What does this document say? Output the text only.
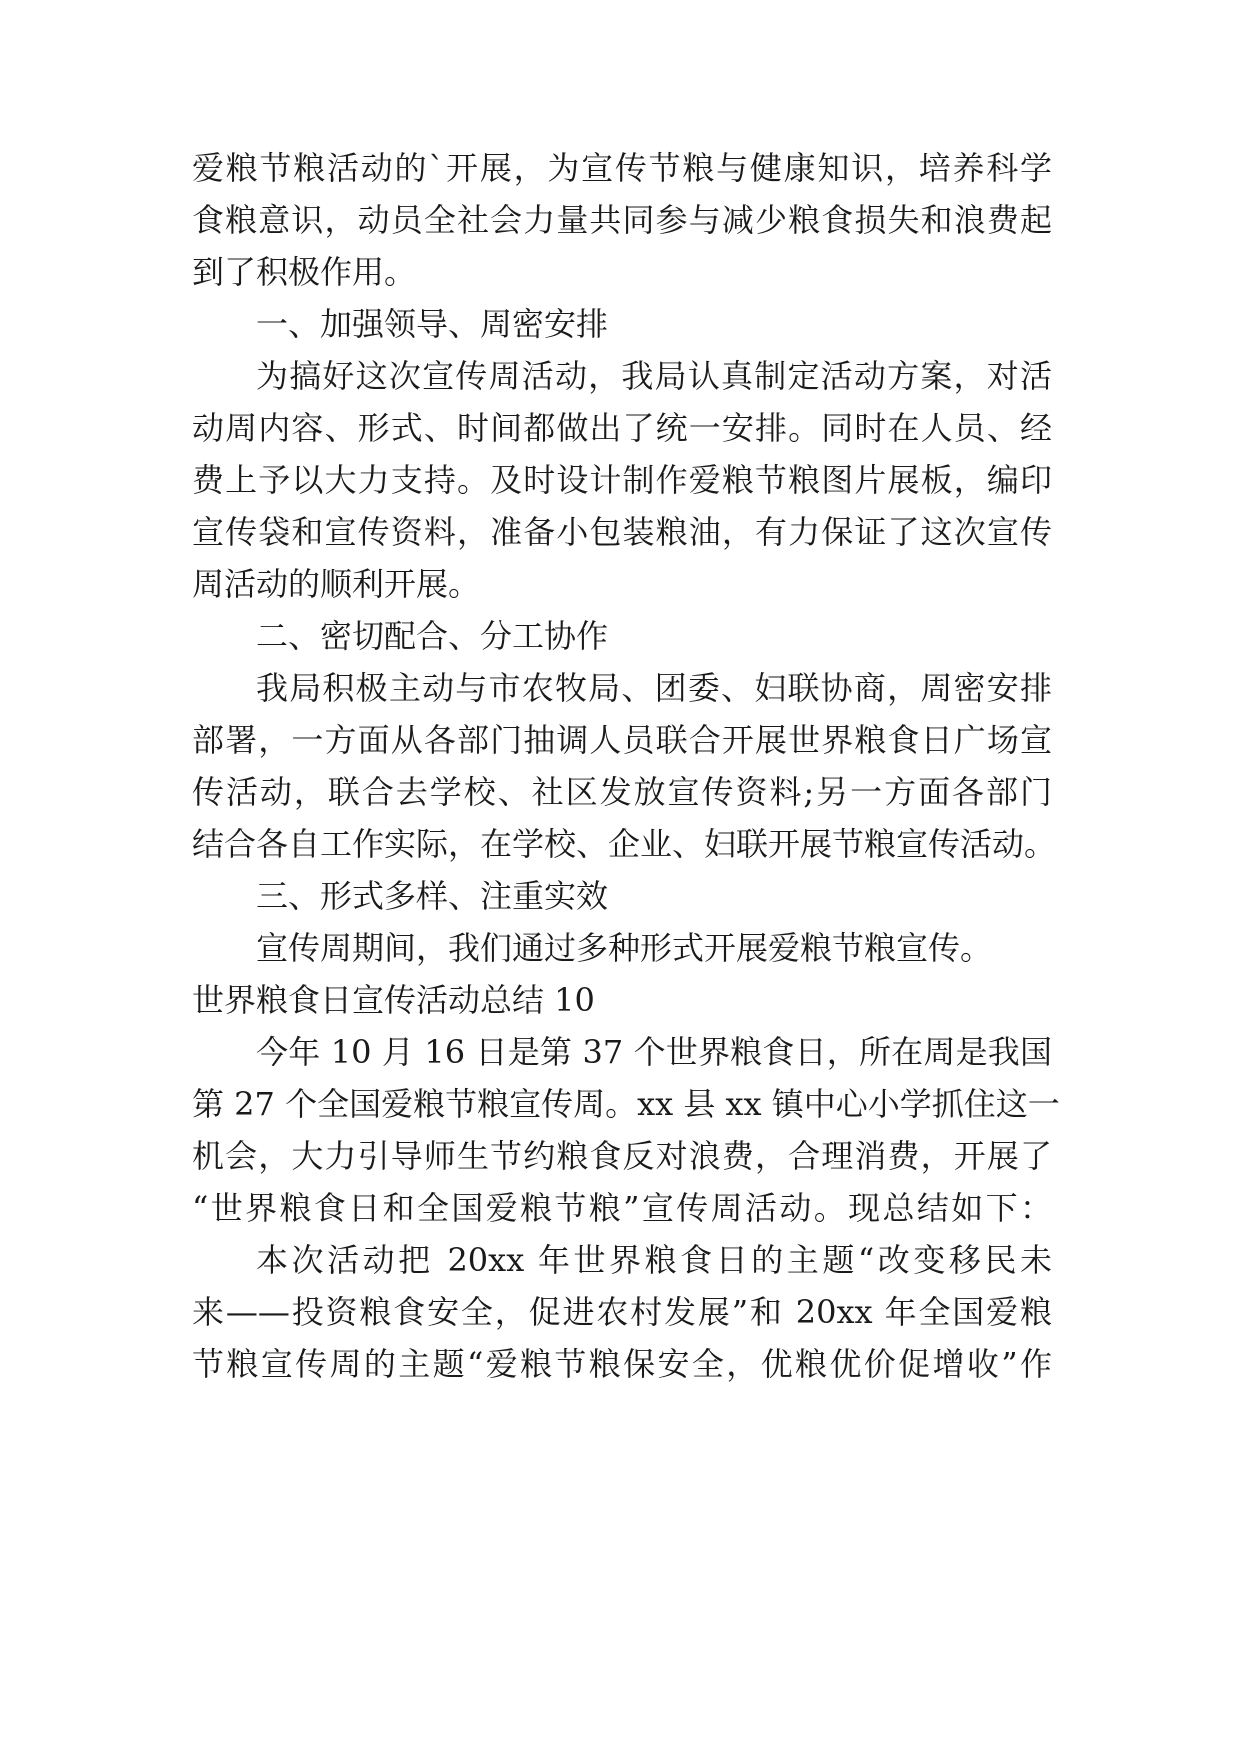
爱粮节粮活动的`开展，为宣传节粮与健康知识，培养科学
食粮意识，动员全社会力量共同参与减少粮食损失和浪费起
到了积极作用。
一、加强领导、周密安排
为搞好这次宣传周活动，我局认真制定活动方案，对活
动周内容、形式、时间都做出了统一安排。同时在人员、经
费上予以大力支持。及时设计制作爱粮节粮图片展板，编印
宣传袋和宣传资料，准备小包装粮油，有力保证了这次宣传
周活动的顺利开展。
二、密切配合、分工协作
我局积极主动与市农牧局、团委、妇联协商，周密安排
部署，一方面从各部门抽调人员联合开展世界粮食日广场宣
传活动，联合去学校、社区发放宣传资料;另一方面各部门
结合各自工作实际，在学校、企业、妇联开展节粮宣传活动。
三、形式多样、注重实效
宣传周期间，我们通过多种形式开展爱粮节粮宣传。
世界粮食日宣传活动总结 10
今年 10 月 16 日是第 37 个世界粮食日，所在周是我国
第 27 个全国爱粮节粮宣传周。xx 县 xx 镇中心小学抓住这一
机会，大力引导师生节约粮食反对浪费，合理消费，开展了
“世界粮食日和全国爱粮节粮”宣传周活动。现总结如下：
本次活动把 20xx 年世界粮食日的主题“改变移民未
来——投资粮食安全，促进农村发展”和 20xx 年全国爱粮
节粮宣传周的主题“爱粮节粮保安全，优粮优价促增收”作
